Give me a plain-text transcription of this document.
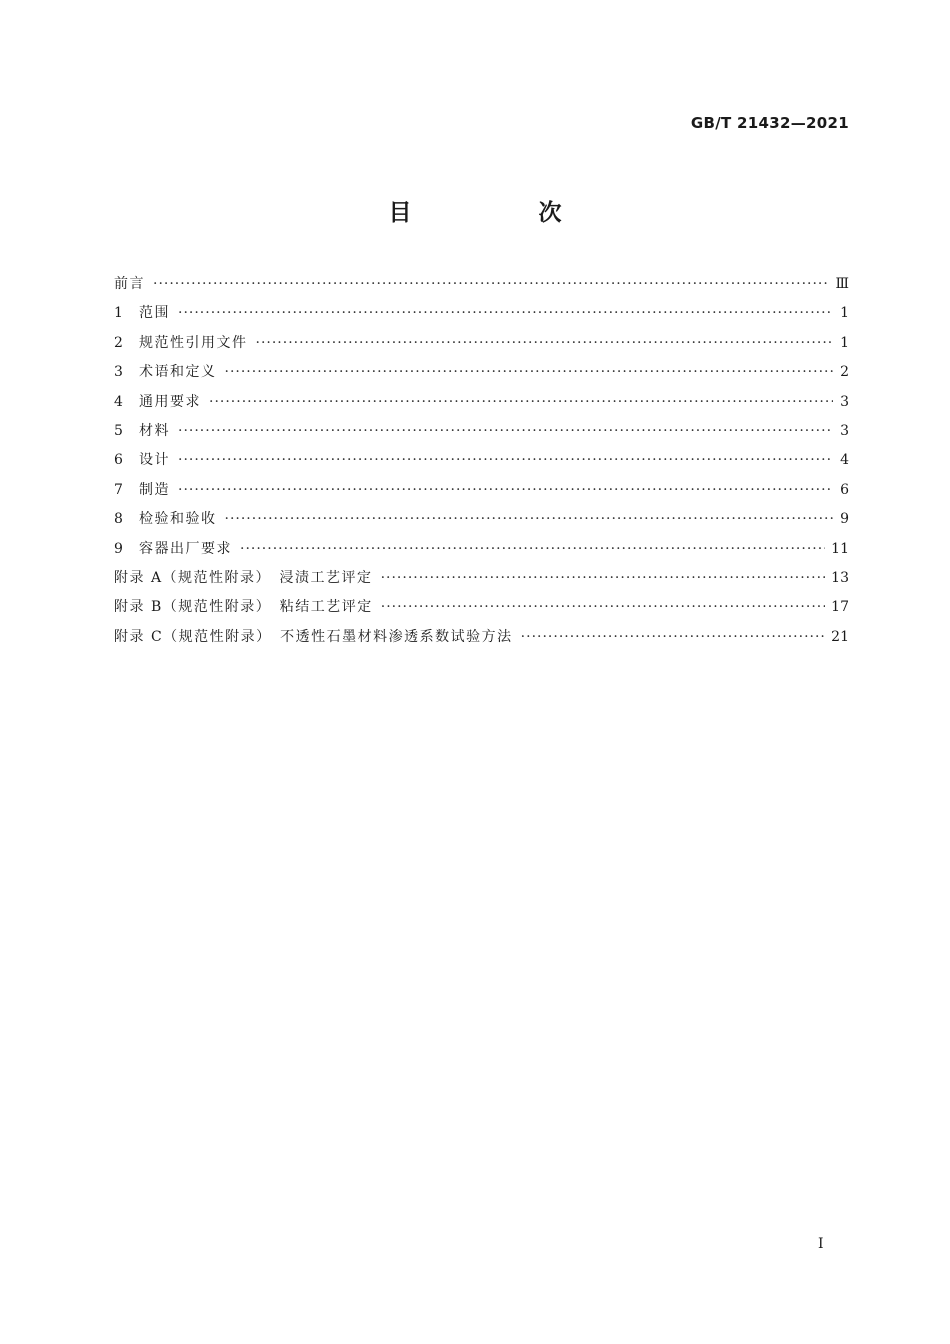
GB/T 21432—2021
目　次
前言 ·····	Ⅲ
1	范围 ·····	1
2	规范性引用文件 ·····	1
3	术语和定义 ·····	2
4	通用要求 ·····	3
5	材料 ·····	3
6	设计 ·····	4
7	制造 ·····	6
8	检验和验收 ·····	9
9	容器出厂要求 ·····	11
附录 A（规范性附录）　浸渍工艺评定 ·····	13
附录 B（规范性附录）　粘结工艺评定 ·····	17
附录 C（规范性附录）　不透性石墨材料渗透系数试验方法 ·····	21
I
